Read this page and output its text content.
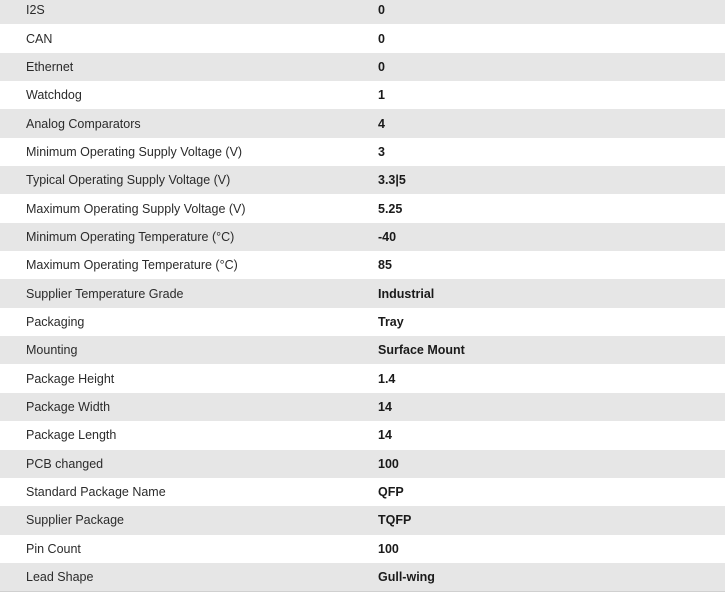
I2S	0
CAN	0
Ethernet	0
Watchdog	1
Analog Comparators	4
Minimum Operating Supply Voltage (V)	3
Typical Operating Supply Voltage (V)	3.3|5
Maximum Operating Supply Voltage (V)	5.25
Minimum Operating Temperature (°C)	-40
Maximum Operating Temperature (°C)	85
Supplier Temperature Grade	Industrial
Packaging	Tray
Mounting	Surface Mount
Package Height	1.4
Package Width	14
Package Length	14
PCB changed	100
Standard Package Name	QFP
Supplier Package	TQFP
Pin Count	100
Lead Shape	Gull-wing
